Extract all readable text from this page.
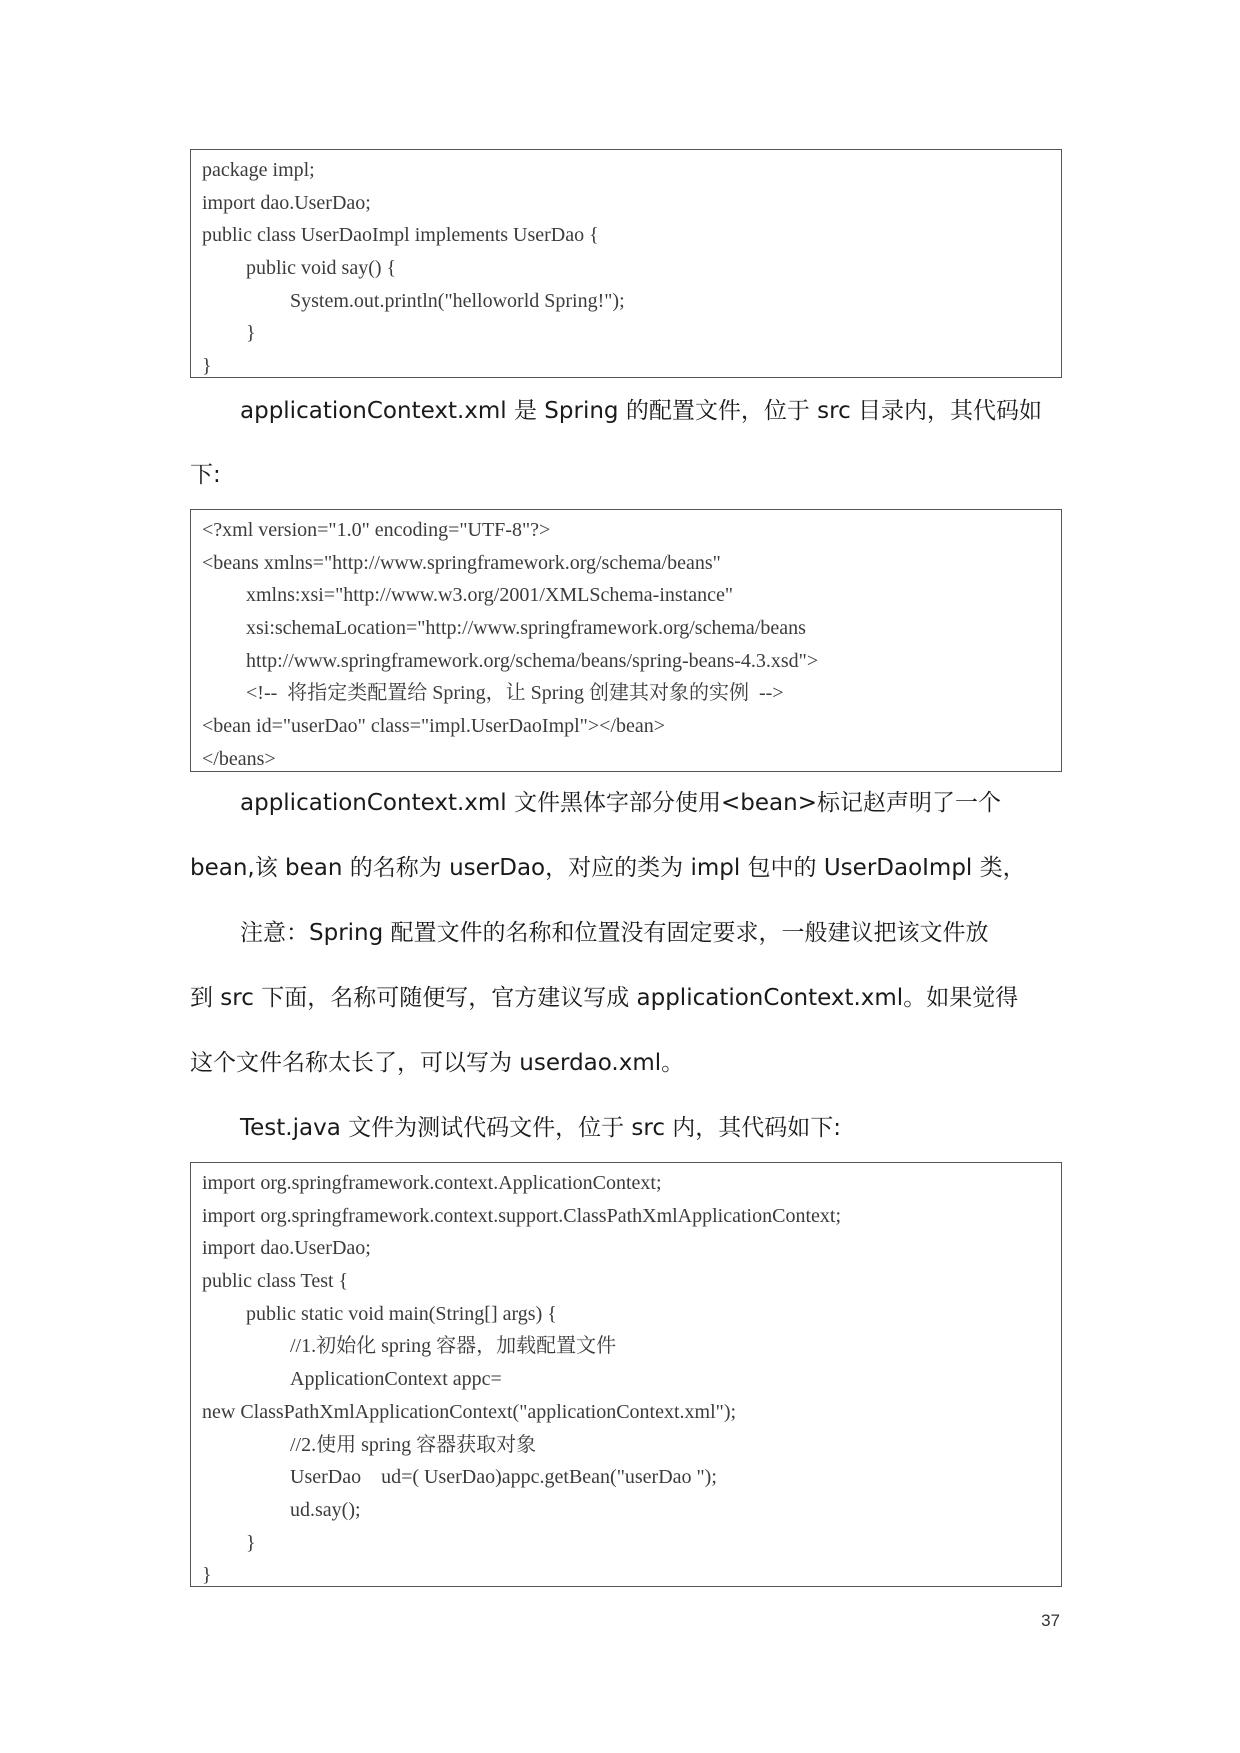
package impl;
import dao.UserDao;
public class UserDaoImpl implements UserDao {
public void say() {
System.out.println("helloworld Spring!");
}
}
applicationContext.xml 是 Spring 的配置文件，位于 src 目录内，其代码如
下:
<?xml version="1.0" encoding="UTF-8"?>
<beans xmlns="http://www.springframework.org/schema/beans"
xmlns:xsi="http://www.w3.org/2001/XMLSchema-instance"
xsi:schemaLocation="http://www.springframework.org/schema/beans
http://www.springframework.org/schema/beans/spring-beans-4.3.xsd">
<!--  将指定类配置给 Spring，让 Spring 创建其对象的实例  -->
<bean id="userDao" class="impl.UserDaoImpl"></bean>
</beans>
applicationContext.xml 文件黑体字部分使用<bean>标记赵声明了一个
bean,该 bean 的名称为 userDao，对应的类为 impl 包中的 UserDaoImpl 类，
注意：Spring 配置文件的名称和位置没有固定要求，一般建议把该文件放
到 src 下面，名称可随便写，官方建议写成 applicationContext.xml。如果觉得
这个文件名称太长了，可以写为 userdao.xml。
Test.java 文件为测试代码文件，位于 src 内，其代码如下:
import org.springframework.context.ApplicationContext;
import org.springframework.context.support.ClassPathXmlApplicationContext;
import dao.UserDao;
public class Test {
public static void main(String[] args) {
//1.初始化 spring 容器，加载配置文件
ApplicationContext appc=
new ClassPathXmlApplicationContext("applicationContext.xml");
//2.使用 spring 容器获取对象
UserDao    ud=( UserDao)appc.getBean("userDao ");
ud.say();
}
}
37
